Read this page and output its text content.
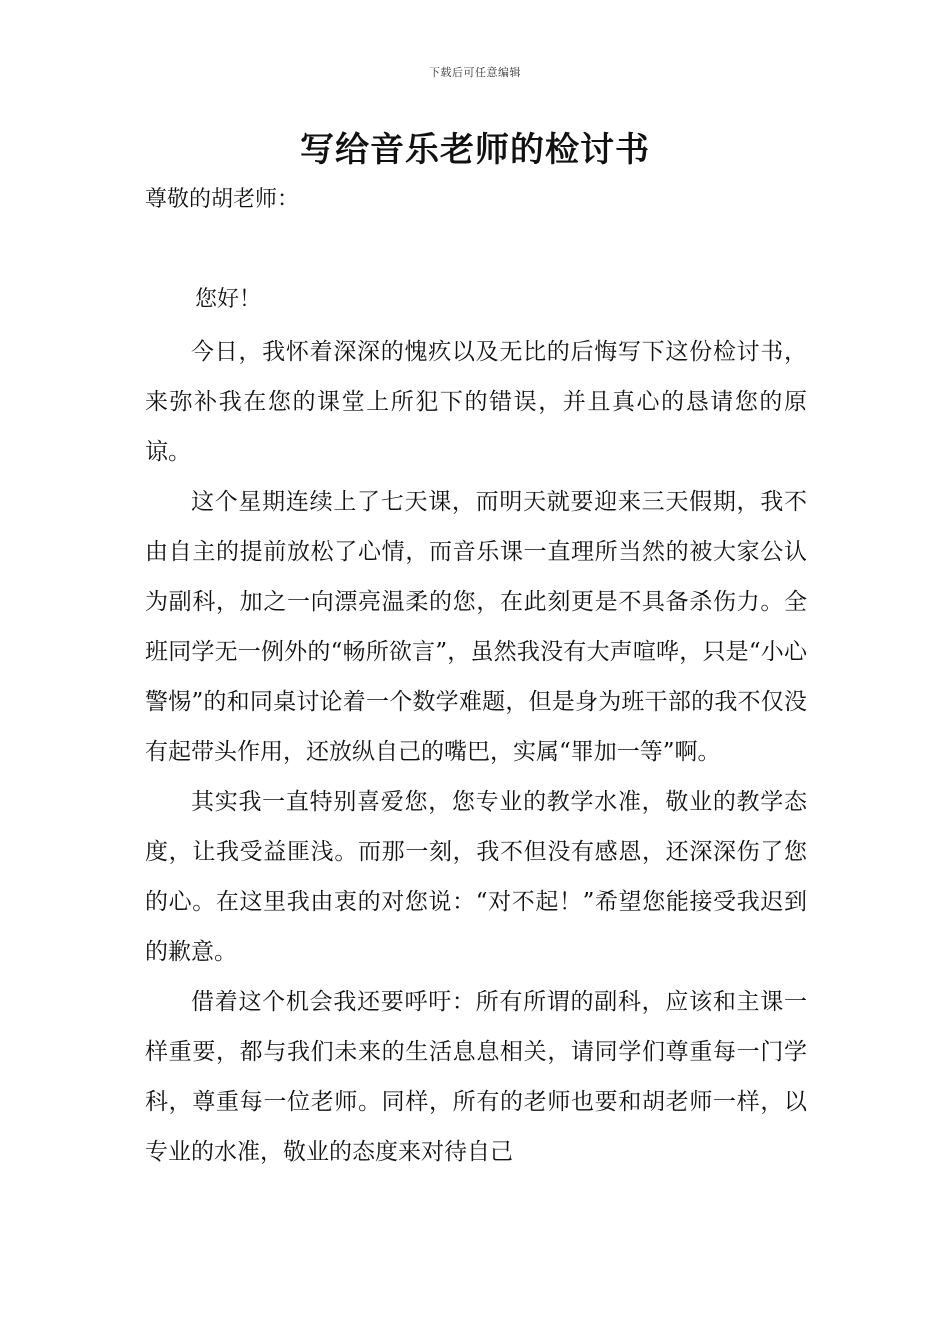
下载后可任意编辑
写给音乐老师的检讨书

尊敬的胡老师：

您好！

今日，我怀着深深的愧疚以及无比的后悔写下这份检讨书，来弥补我在您的课堂上所犯下的错误，并且真心的恳请您的原谅。

这个星期连续上了七天课，而明天就要迎来三天假期，我不由自主的提前放松了心情，而音乐课一直理所当然的被大家公认为副科，加之一向漂亮温柔的您，在此刻更是不具备杀伤力。全班同学无一例外的“畅所欲言”，虽然我没有大声喧哗，只是“小心警惕”的和同桌讨论着一个数学难题，但是身为班干部的我不仅没有起带头作用，还放纵自己的嘴巴，实属“罪加一等”啊。

其实我一直特别喜爱您，您专业的教学水准，敬业的教学态度，让我受益匪浅。而那一刻，我不但没有感恩，还深深伤了您的心。在这里我由衷的对您说：“对不起！”希望您能接受我迟到的歉意。

借着这个机会我还要呼吁：所有所谓的副科，应该和主课一样重要，都与我们未来的生活息息相关，请同学们尊重每一门学科，尊重每一位老师。同样，所有的老师也要和胡老师一样，以专业的水准，敬业的态度来对待自己
